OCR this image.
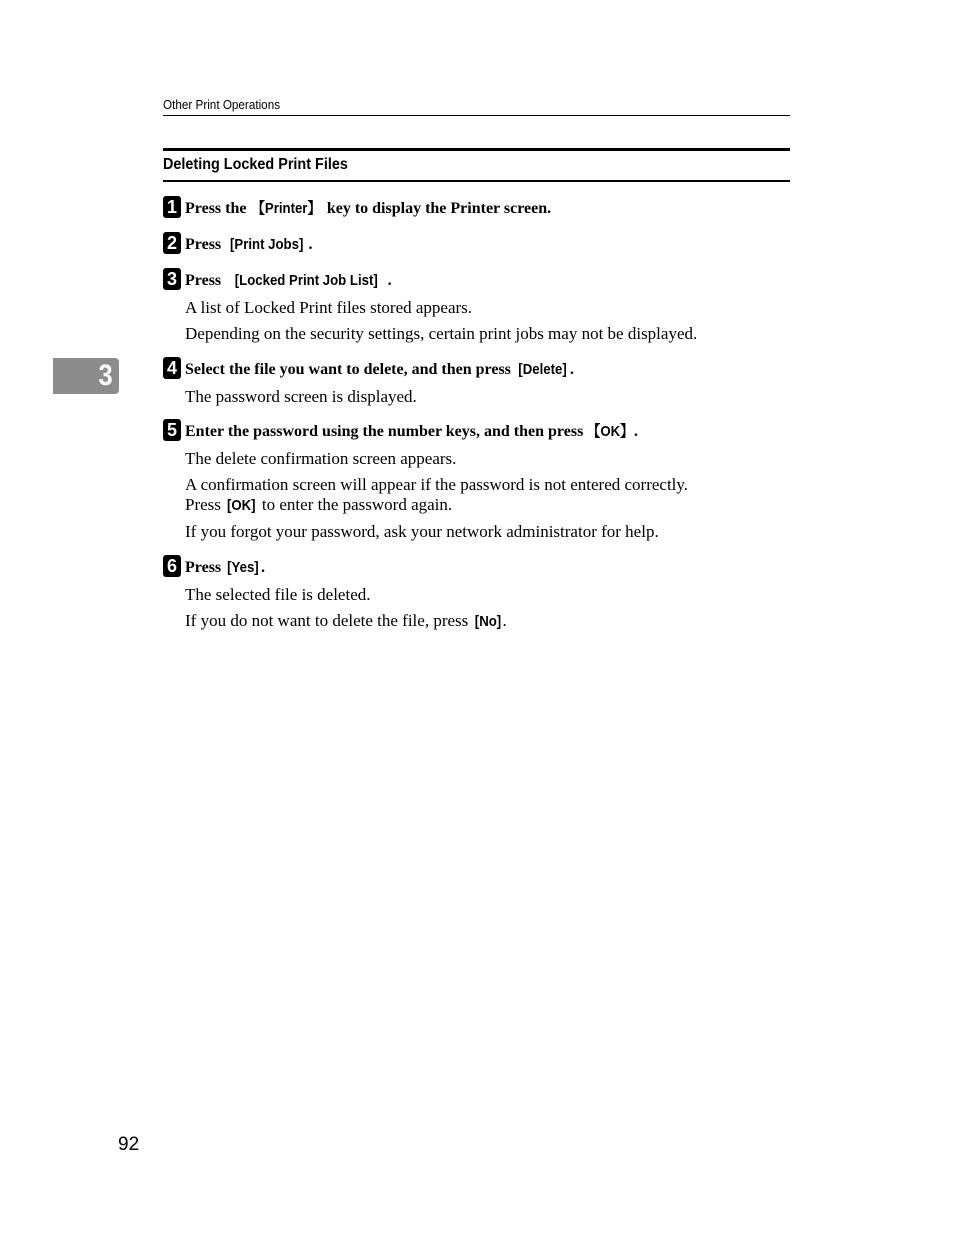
Other Print Operations
Deleting Locked Print Files
3
1 Press the 【Printer】 key to display the Printer screen.
2 Press [Print Jobs] .
3 Press [Locked Print Job List] .
A list of Locked Print files stored appears.
Depending on the security settings, certain print jobs may not be displayed.
4 Select the file you want to delete, and then press [Delete] .
The password screen is displayed.
5 Enter the password using the number keys, and then press 【OK】.
The delete confirmation screen appears.
A confirmation screen will appear if the password is not entered correctly.
Press [OK] to enter the password again.
If you forgot your password, ask your network administrator for help.
6 Press [Yes] .
The selected file is deleted.
If you do not want to delete the file, press [No] .
92
